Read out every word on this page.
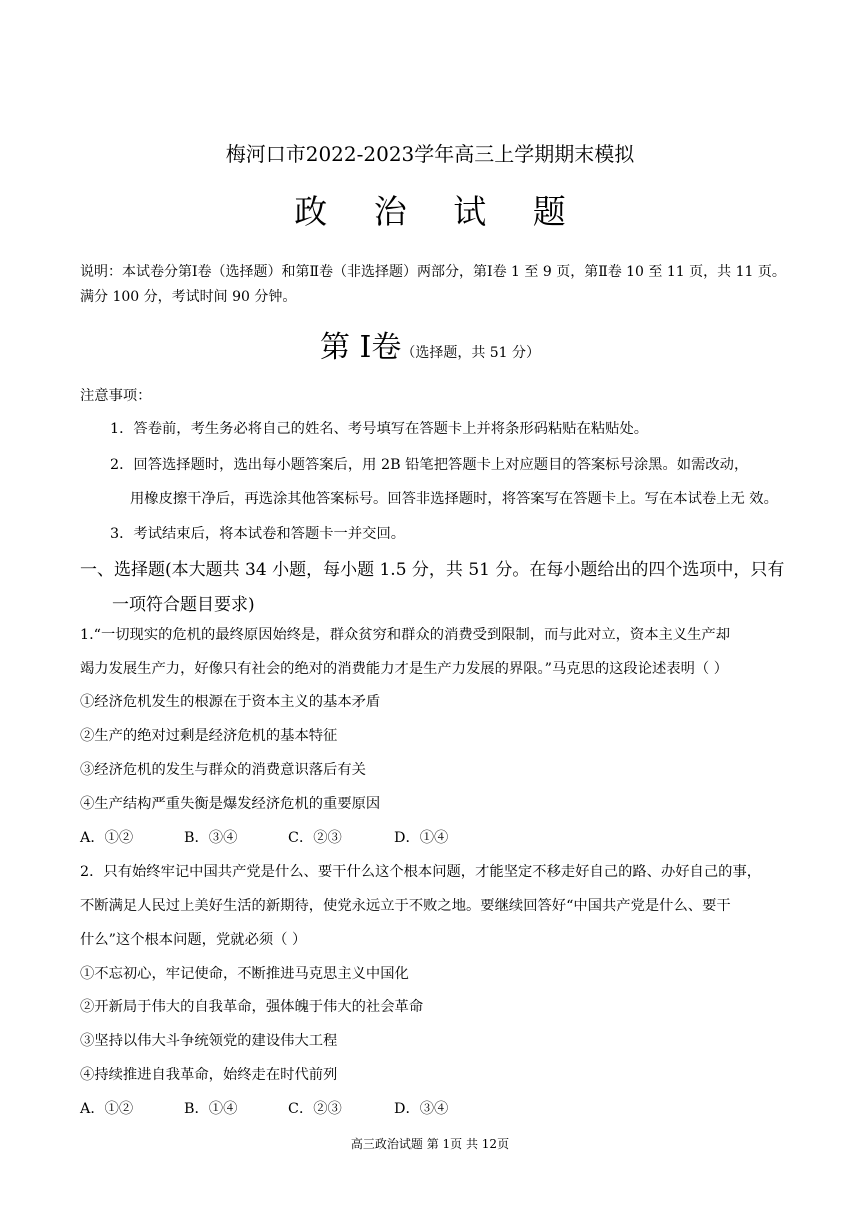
梅河口市2022-2023学年高三上学期期末模拟
政 治 试 题
说明：本试卷分第Ⅰ卷（选择题）和第Ⅱ卷（非选择题）两部分，第Ⅰ卷 1 至 9 页，第Ⅱ卷 10 至 11 页，共 11 页。满分 100 分，考试时间 90 分钟。
第 Ⅰ卷（选择题，共 51 分）
注意事项：
1．答卷前，考生务必将自己的姓名、考号填写在答题卡上并将条形码粘贴在粘贴处。
2．回答选择题时，选出每小题答案后，用 2B 铅笔把答题卡上对应题目的答案标号涂黑。如需改动，
用橡皮擦干净后，再选涂其他答案标号。回答非选择题时，将答案写在答题卡上。写在本试卷上无 效。
3．考试结束后，将本试卷和答题卡一并交回。
一、选择题(本大题共 34 小题，每小题 1.5 分，共 51 分。在每小题给出的四个选项中，只有
一项符合题目要求)
1.“一切现实的危机的最终原因始终是，群众贫穷和群众的消费受到限制，而与此对立，资本主义生产却
竭力发展生产力，好像只有社会的绝对的消费能力才是生产力发展的界限。”马克思的这段论述表明（ ）
①经济危机发生的根源在于资本主义的基本矛盾
②生产的绝对过剩是经济危机的基本特征
③经济危机的发生与群众的消费意识落后有关
④生产结构严重失衡是爆发经济危机的重要原因
A．①②	B．③④	C．②③	D．①④
2．只有始终牢记中国共产党是什么、要干什么这个根本问题，才能坚定不移走好自己的路、办好自己的事，
不断满足人民过上美好生活的新期待，使党永远立于不败之地。要继续回答好“中国共产党是什么、要干
什么”这个根本问题，党就必须（ ）
①不忘初心，牢记使命，不断推进马克思主义中国化
②开新局于伟大的自我革命，强体魄于伟大的社会革命
③坚持以伟大斗争统领党的建设伟大工程
④持续推进自我革命，始终走在时代前列
A．①②	B．①④	C．②③	D．③④
高三政治试题 第 1页 共 12页
